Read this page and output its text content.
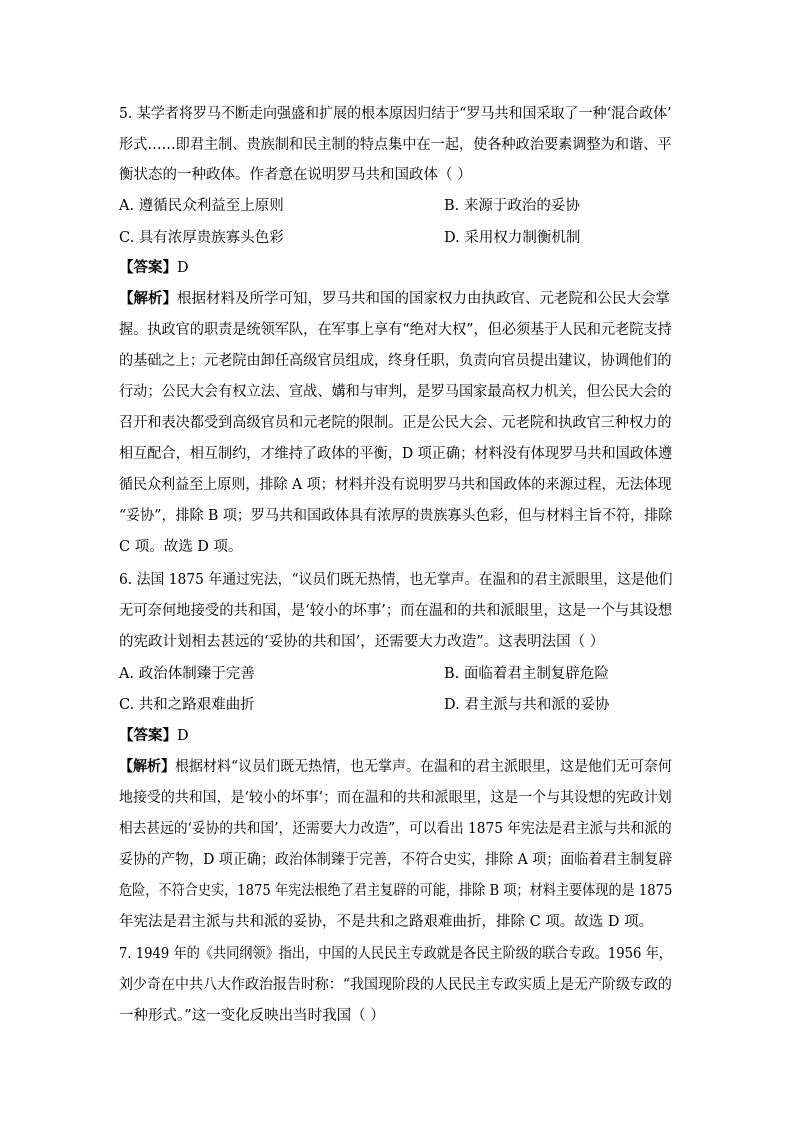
5. 某学者将罗马不断走向强盛和扩展的根本原因归结于“罗马共和国采取了一种‘混合政体’
形式……即君主制、贵族制和民主制的特点集中在一起，使各种政治要素调整为和谐、平
衡状态的一种政体。作者意在说明罗马共和国政体（ ）
A. 遵循民众利益至上原则	B. 来源于政治的妥协
C. 具有浓厚贵族寡头色彩	D. 采用权力制衡机制
【答案】D
【解析】根据材料及所学可知，罗马共和国的国家权力由执政官、元老院和公民大会掌
握。执政官的职责是统领军队，在军事上享有“绝对大权”，但必须基于人民和元老院支持
的基础之上；元老院由卸任高级官员组成，终身任职，负责向官员提出建议，协调他们的
行动；公民大会有权立法、宣战、媾和与审判，是罗马国家最高权力机关，但公民大会的
召开和表决都受到高级官员和元老院的限制。正是公民大会、元老院和执政官三种权力的
相互配合，相互制约，才维持了政体的平衡，D 项正确；材料没有体现罗马共和国政体遵
循民众利益至上原则，排除 A 项；材料并没有说明罗马共和国政体的来源过程，无法体现
“妥协”，排除 B 项；罗马共和国政体具有浓厚的贵族寡头色彩，但与材料主旨不符，排除
C 项。故选 D 项。
6. 法国 1875 年通过宪法，“议员们既无热情，也无掌声。在温和的君主派眼里，这是他们
无可奈何地接受的共和国，是‘较小的坏事’；而在温和的共和派眼里，这是一个与其设想
的宪政计划相去甚远的‘妥协的共和国’，还需要大力改造”。这表明法国（ ）
A. 政治体制臻于完善	B. 面临着君主制复辟危险
C. 共和之路艰难曲折	D. 君主派与共和派的妥协
【答案】D
【解析】根据材料“议员们既无热情，也无掌声。在温和的君主派眼里，这是他们无可奈何
地接受的共和国，是‘较小的坏事’；而在温和的共和派眼里，这是一个与其设想的宪政计划
相去甚远的‘妥协的共和国’，还需要大力改造”，可以看出 1875 年宪法是君主派与共和派的
妥协的产物，D 项正确；政治体制臻于完善，不符合史实，排除 A 项；面临着君主制复辟
危险，不符合史实，1875 年宪法根绝了君主复辟的可能，排除 B 项；材料主要体现的是 1875
年宪法是君主派与共和派的妥协，不是共和之路艰难曲折，排除 C 项。故选 D 项。
7. 1949 年的《共同纲领》指出，中国的人民民主专政就是各民主阶级的联合专政。1956 年，
刘少奇在中共八大作政治报告时称：“我国现阶段的人民民主专政实质上是无产阶级专政的
一种形式。”这一变化反映出当时我国（ ）
